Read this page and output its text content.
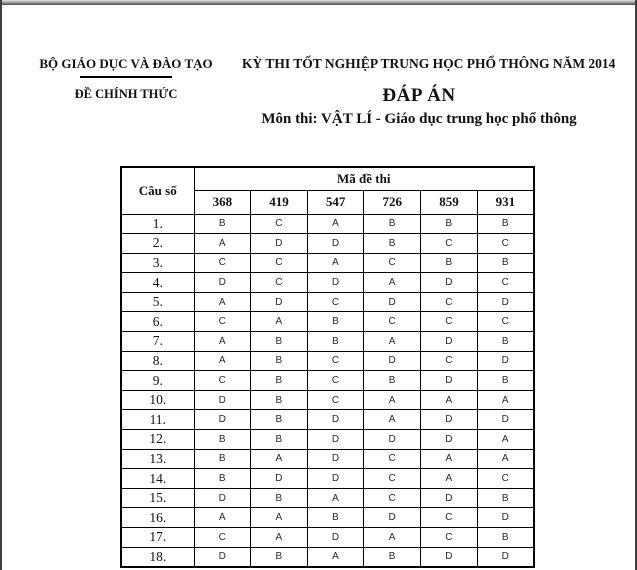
BỘ GIÁO DỤC VÀ ĐÀO TẠO
ĐỀ CHÍNH THỨC
KỲ THI TỐT NGHIỆP TRUNG HỌC PHỔ THÔNG NĂM 2014
ĐÁP ÁN
Môn thi: VẬT LÍ - Giáo dục trung học phổ thông
Câu số	Mã đề thi					
	368	419	547	726	859	931
1.	B	C	A	B	B	B
2.	A	D	D	B	C	C
3.	C	C	A	C	B	B
4.	D	C	D	A	D	C
5.	A	D	C	D	C	D
6.	C	A	B	C	C	C
7.	A	B	B	A	D	B
8.	A	B	C	D	C	D
9.	C	B	C	B	D	B
10.	D	B	C	A	A	A
11.	D	B	D	A	D	D
12.	B	B	D	D	D	A
13.	B	A	D	C	A	A
14.	B	D	D	C	A	C
15.	D	B	A	C	D	B
16.	A	A	B	D	C	D
17.	C	A	D	A	C	B
18.	D	B	A	B	D	D
